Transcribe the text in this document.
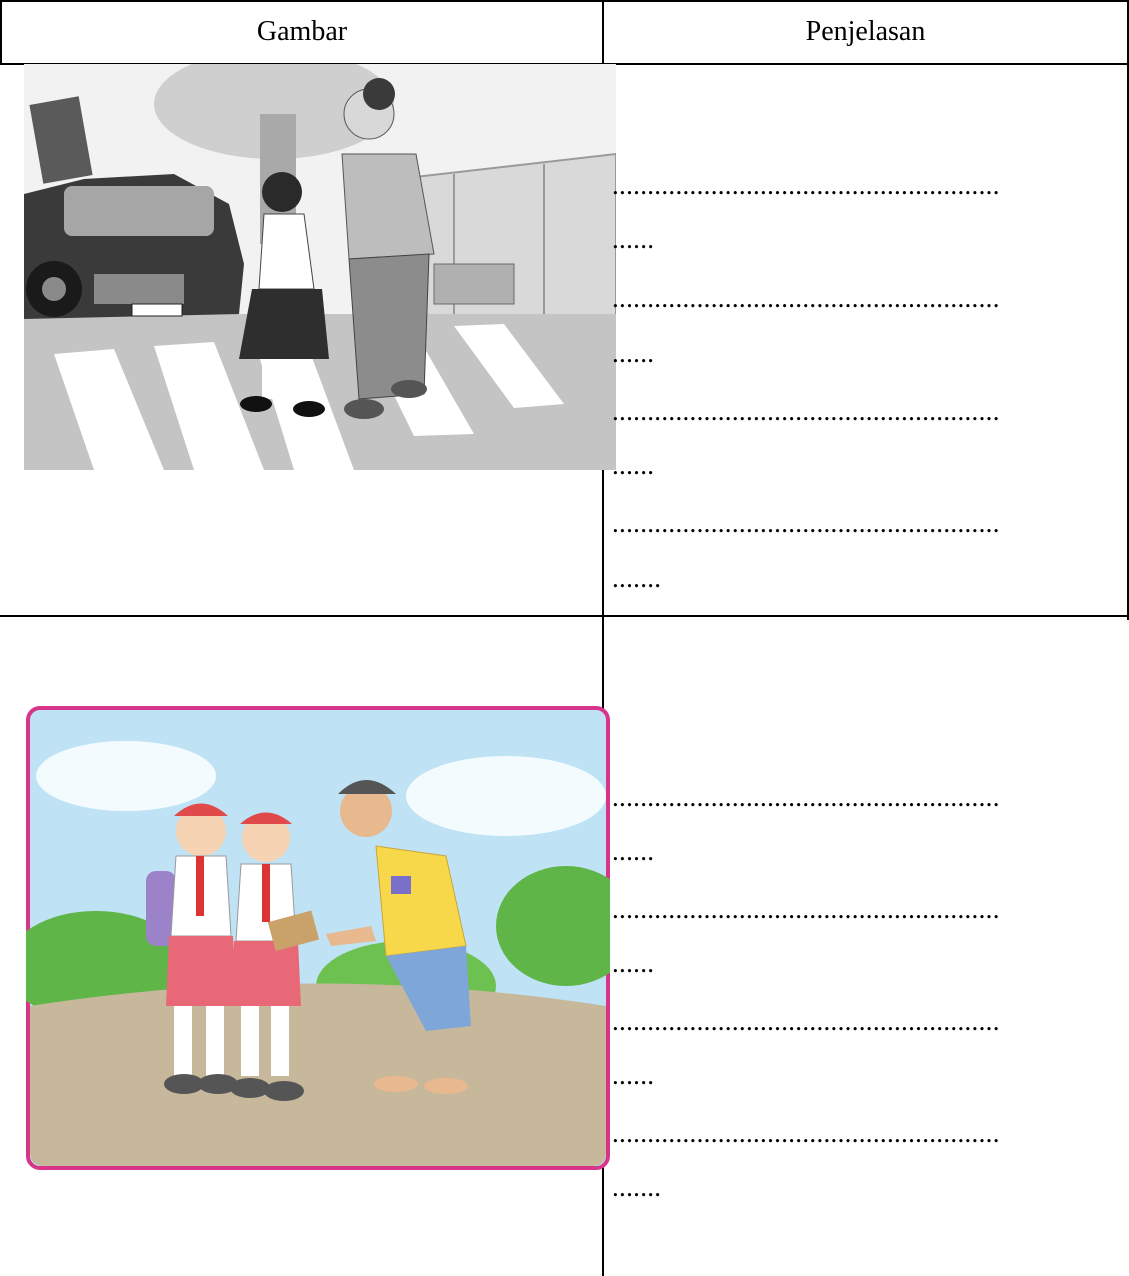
Gambar	Penjelasan
.......................................................
......
.......................................................
......
.......................................................
......
.......................................................
.......
.......................................................
......
.......................................................
......
.......................................................
......
.......................................................
.......
